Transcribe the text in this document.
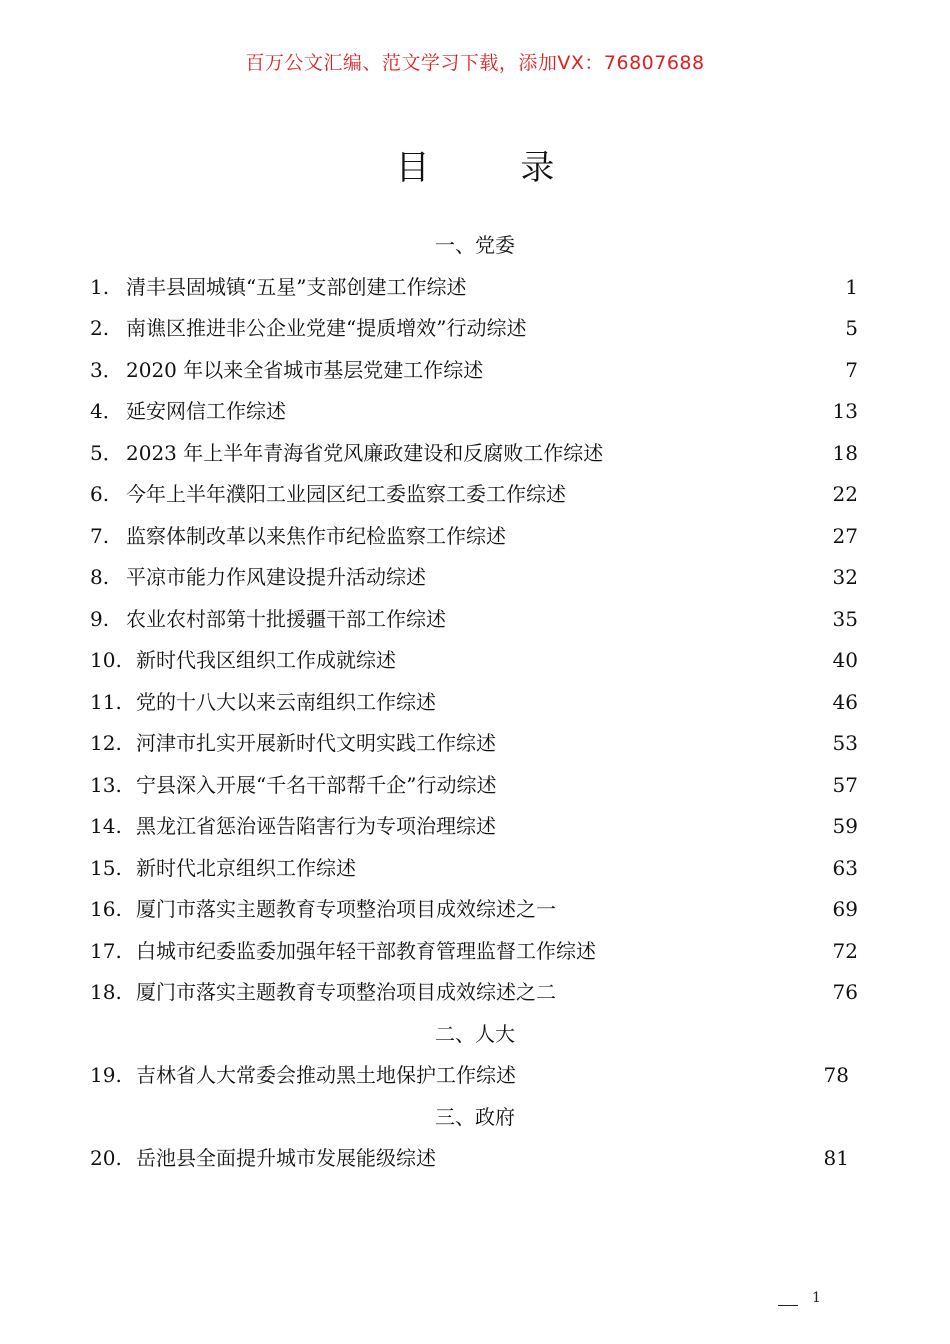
百万公文汇编、范文学习下载，添加VX：76807688
目 录
一、党委
1. 清丰县固城镇“五星”支部创建工作综述	1
2. 南谯区推进非公企业党建“提质增效”行动综述	5
3． 2020 年以来全省城市基层党建工作综述	7
4． 延安网信工作综述	13
5． 2023 年上半年青海省党风廉政建设和反腐败工作综述	18
6. 今年上半年濮阳工业园区纪工委监察工委工作综述	22
7. 监察体制改革以来焦作市纪检监察工作综述	27
8. 平凉市能力作风建设提升活动综述	32
9. 农业农村部第十批援疆干部工作综述	35
10. 新时代我区组织工作成就综述	40
11. 党的十八大以来云南组织工作综述	46
12. 河津市扎实开展新时代文明实践工作综述	53
13. 宁县深入开展“千名干部帮千企”行动综述	57
14. 黑龙江省惩治诬告陷害行为专项治理综述	59
15. 新时代北京组织工作综述	63
16. 厦门市落实主题教育专项整治项目成效综述之一	69
17. 白城市纪委监委加强年轻干部教育管理监督工作综述	72
18. 厦门市落实主题教育专项整治项目成效综述之二	76
二、人大
19. 吉林省人大常委会推动黑土地保护工作综述	78
三、政府
20. 岳池县全面提升城市发展能级综述	81
1
